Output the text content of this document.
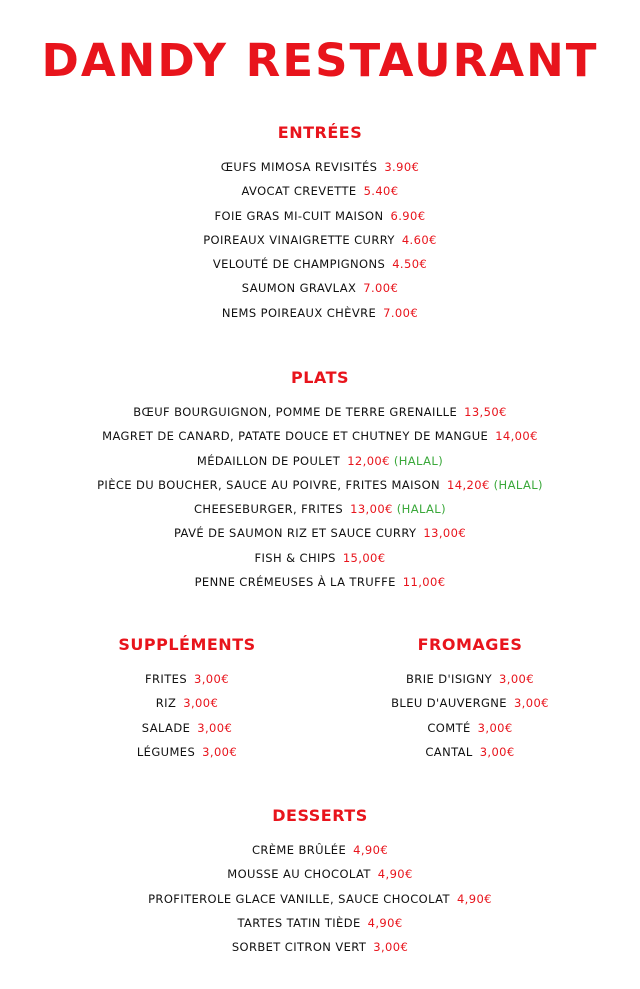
DANDY RESTAURANT
ENTRÉES
ŒUFS MIMOSA REVISITÉS 3.90€
AVOCAT CREVETTE 5.40€
FOIE GRAS MI-CUIT MAISON 6.90€
POIREAUX VINAIGRETTE CURRY 4.60€
VELOUTÉ DE CHAMPIGNONS 4.50€
SAUMON GRAVLAX 7.00€
NEMS POIREAUX CHÈVRE 7.00€
PLATS
BŒUF BOURGUIGNON, POMME DE TERRE GRENAILLE 13,50€
MAGRET DE CANARD, PATATE DOUCE ET CHUTNEY DE MANGUE 14,00€
MÉDAILLON DE POULET 12,00€ (HALAL)
PIÈCE DU BOUCHER, SAUCE AU POIVRE, FRITES MAISON 14,20€ (HALAL)
CHEESEBURGER, FRITES 13,00€ (HALAL)
PAVÉ DE SAUMON RIZ ET SAUCE CURRY 13,00€
FISH & CHIPS 15,00€
PENNE CRÉMEUSES À LA TRUFFE 11,00€
SUPPLÉMENTS
FRITES 3,00€
RIZ 3,00€
SALADE 3,00€
LÉGUMES 3,00€
FROMAGES
BRIE D'ISIGNY 3,00€
BLEU D'AUVERGNE 3,00€
COMTÉ 3,00€
CANTAL 3,00€
DESSERTS
CRÈME BRÛLÉE 4,90€
MOUSSE AU CHOCOLAT 4,90€
PROFITEROLE GLACE VANILLE, SAUCE CHOCOLAT 4,90€
TARTES TATIN TIÈDE 4,90€
SORBET CITRON VERT 3,00€
